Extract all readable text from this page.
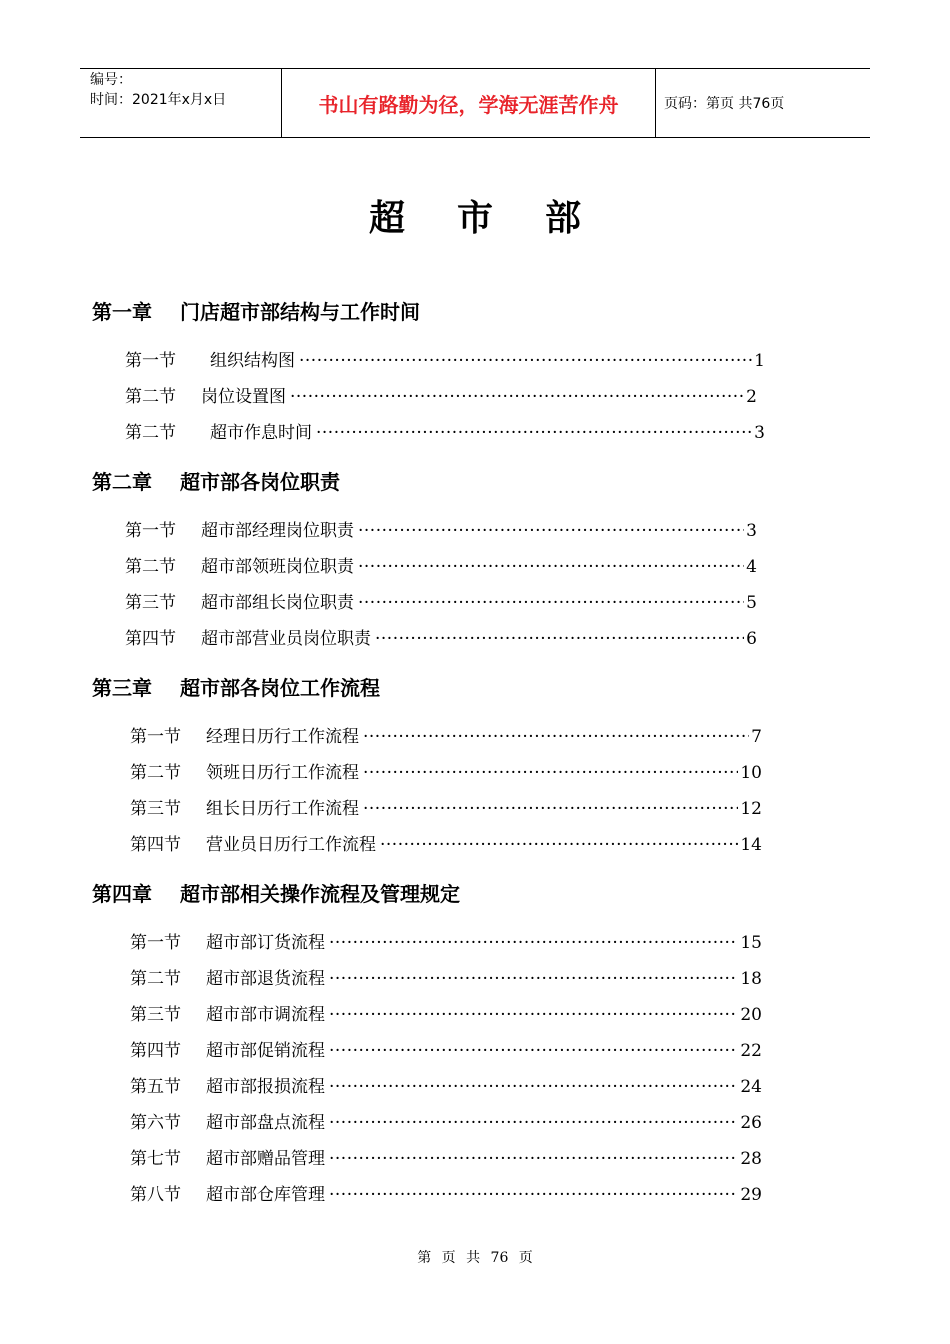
编号：
时间：2021年x月x日	书山有路勤为径，学海无涯苦作舟	页码：第页 共76页
超市部
第一章 门店超市部结构与工作时间
第一节	组织结构图 ·····	1
第二节	岗位设置图 ·····	2
第二节	超市作息时间 ·····	3
第二章 超市部各岗位职责
第一节	超市部经理岗位职责 ·····	3
第二节	超市部领班岗位职责 ·····	4
第三节	超市部组长岗位职责 ·····	5
第四节	超市部营业员岗位职责 ·····	6
第三章 超市部各岗位工作流程
第一节	经理日历行工作流程 ·····	7
第二节	领班日历行工作流程 ·····	10
第三节	组长日历行工作流程 ·····	12
第四节	营业员日历行工作流程 ·····	14
第四章 超市部相关操作流程及管理规定
第一节	超市部订货流程 ·····	15
第二节	超市部退货流程 ·····	18
第三节	超市部市调流程 ·····	20
第四节	超市部促销流程 ·····	22
第五节	超市部报损流程 ·····	24
第六节	超市部盘点流程 ·····	26
第七节	超市部赠品管理 ·····	28
第八节	超市部仓库管理 ·····	29
第 页 共 76 页
